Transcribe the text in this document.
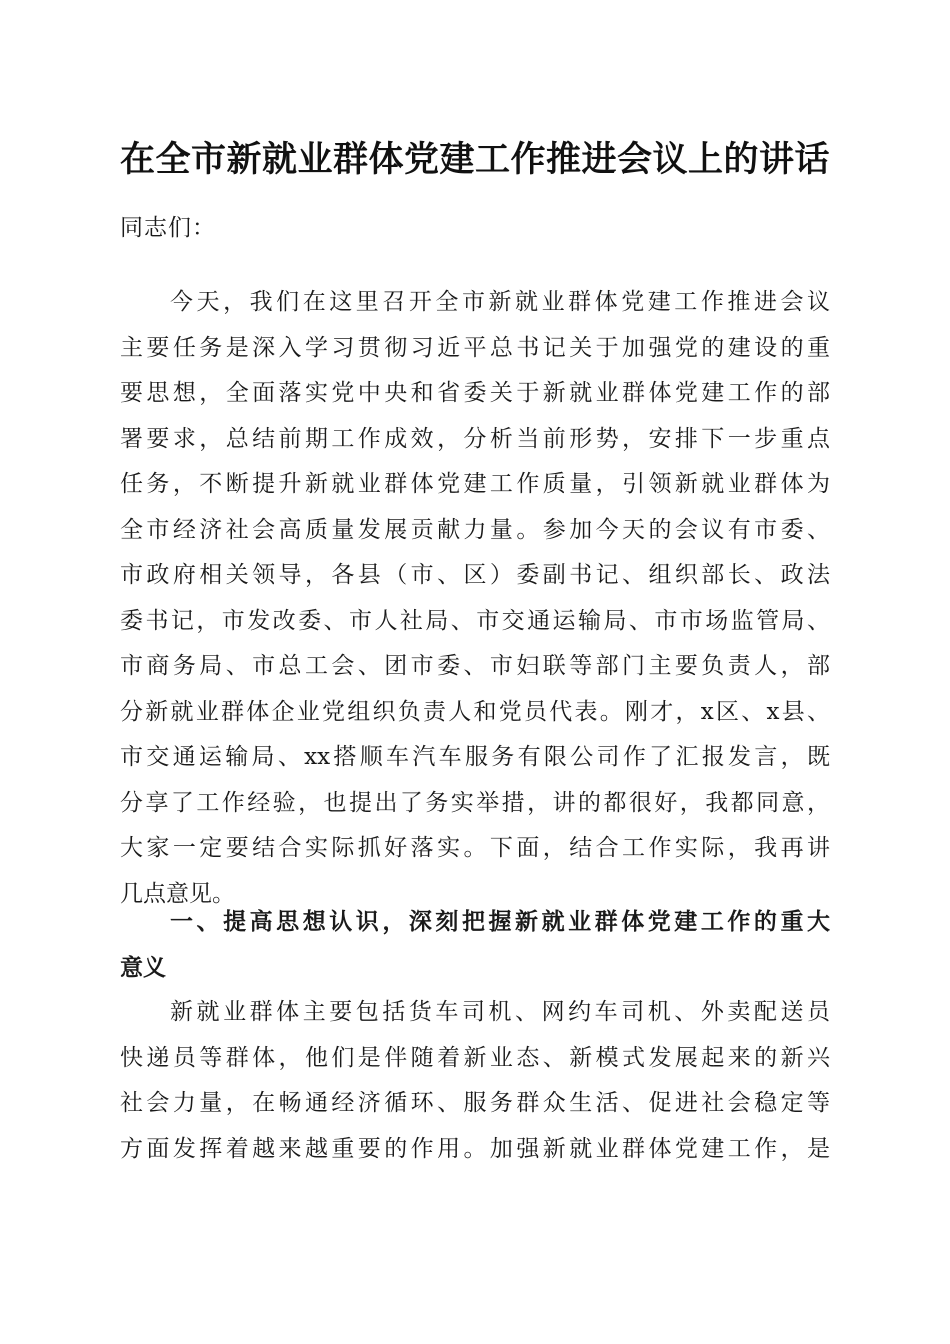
在全市新就业群体党建工作推进会议上的讲话
同志们：
今天，我们在这里召开全市新就业群体党建工作推进会议
主要任务是深入学习贯彻习近平总书记关于加强党的建设的重
要思想，全面落实党中央和省委关于新就业群体党建工作的部
署要求，总结前期工作成效，分析当前形势，安排下一步重点
任务，不断提升新就业群体党建工作质量，引领新就业群体为
全市经济社会高质量发展贡献力量。参加今天的会议有市委、
市政府相关领导，各县（市、区）委副书记、组织部长、政法
委书记，市发改委、市人社局、市交通运输局、市市场监管局、
市商务局、市总工会、团市委、市妇联等部门主要负责人，部
分新就业群体企业党组织负责人和党员代表。刚才，x区、x县、
市交通运输局、xx搭顺车汽车服务有限公司作了汇报发言，既
分享了工作经验，也提出了务实举措，讲的都很好，我都同意，
大家一定要结合实际抓好落实。下面，结合工作实际，我再讲
几点意见。
一、提高思想认识，深刻把握新就业群体党建工作的重大
意义
新就业群体主要包括货车司机、网约车司机、外卖配送员
快递员等群体，他们是伴随着新业态、新模式发展起来的新兴
社会力量，在畅通经济循环、服务群众生活、促进社会稳定等
方面发挥着越来越重要的作用。加强新就业群体党建工作，是
